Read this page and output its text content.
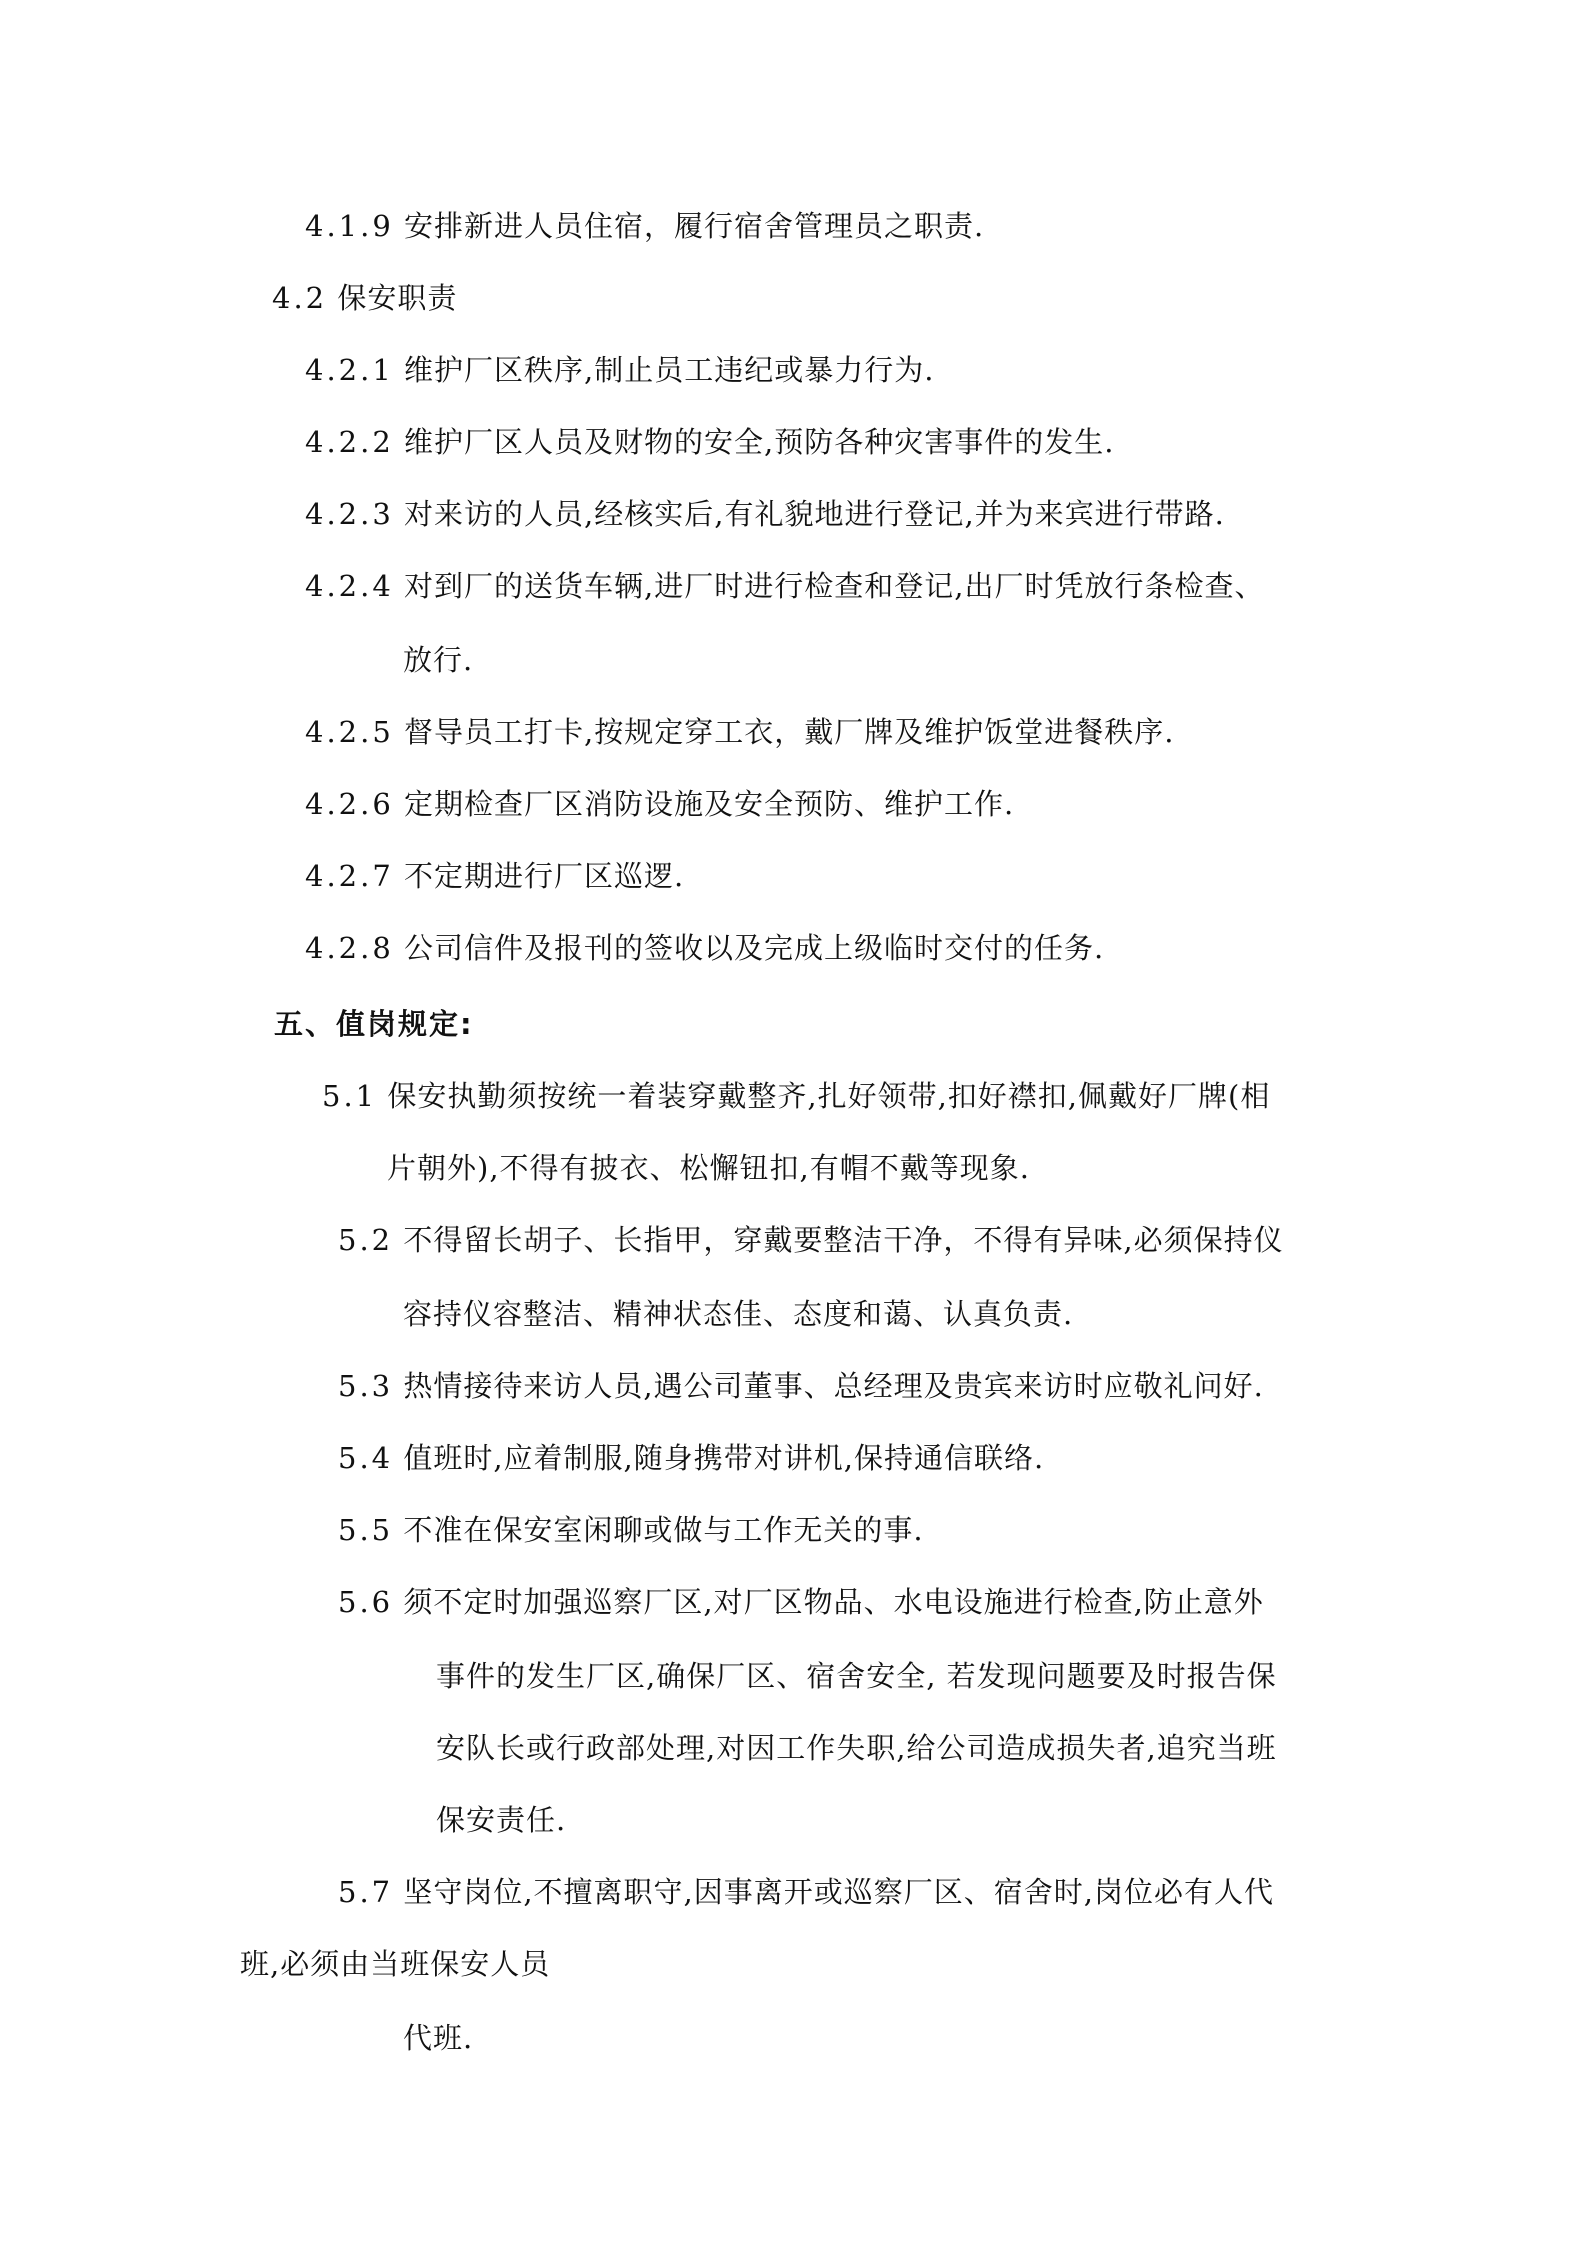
4.1.9 安排新进人员住宿，履行宿舍管理员之职责.
4.2 保安职责
4.2.1 维护厂区秩序,制止员工违纪或暴力行为.
4.2.2 维护厂区人员及财物的安全,预防各种灾害事件的发生.
4.2.3 对来访的人员,经核实后,有礼貌地进行登记,并为来宾进行带路.
4.2.4 对到厂的送货车辆,进厂时进行检查和登记,出厂时凭放行条检查、
放行.
4.2.5 督导员工打卡,按规定穿工衣，戴厂牌及维护饭堂进餐秩序.
4.2.6 定期检查厂区消防设施及安全预防、维护工作.
4.2.7 不定期进行厂区巡逻.
4.2.8 公司信件及报刊的签收以及完成上级临时交付的任务.
五、值岗规定:
5.1 保安执勤须按统一着装穿戴整齐,扎好领带,扣好襟扣,佩戴好厂牌(相
片朝外),不得有披衣、松懈钮扣,有帽不戴等现象.
5.2 不得留长胡子、长指甲，穿戴要整洁干净，不得有异味,必须保持仪
容持仪容整洁、精神状态佳、态度和蔼、认真负责.
5.3 热情接待来访人员,遇公司董事、总经理及贵宾来访时应敬礼问好.
5.4 值班时,应着制服,随身携带对讲机,保持通信联络.
5.5 不准在保安室闲聊或做与工作无关的事.
5.6 须不定时加强巡察厂区,对厂区物品、水电设施进行检查,防止意外
事件的发生厂区,确保厂区、宿舍安全, 若发现问题要及时报告保
安队长或行政部处理,对因工作失职,给公司造成损失者,追究当班
保安责任.
5.7 坚守岗位,不擅离职守,因事离开或巡察厂区、宿舍时,岗位必有人代
班,必须由当班保安人员
代班.
